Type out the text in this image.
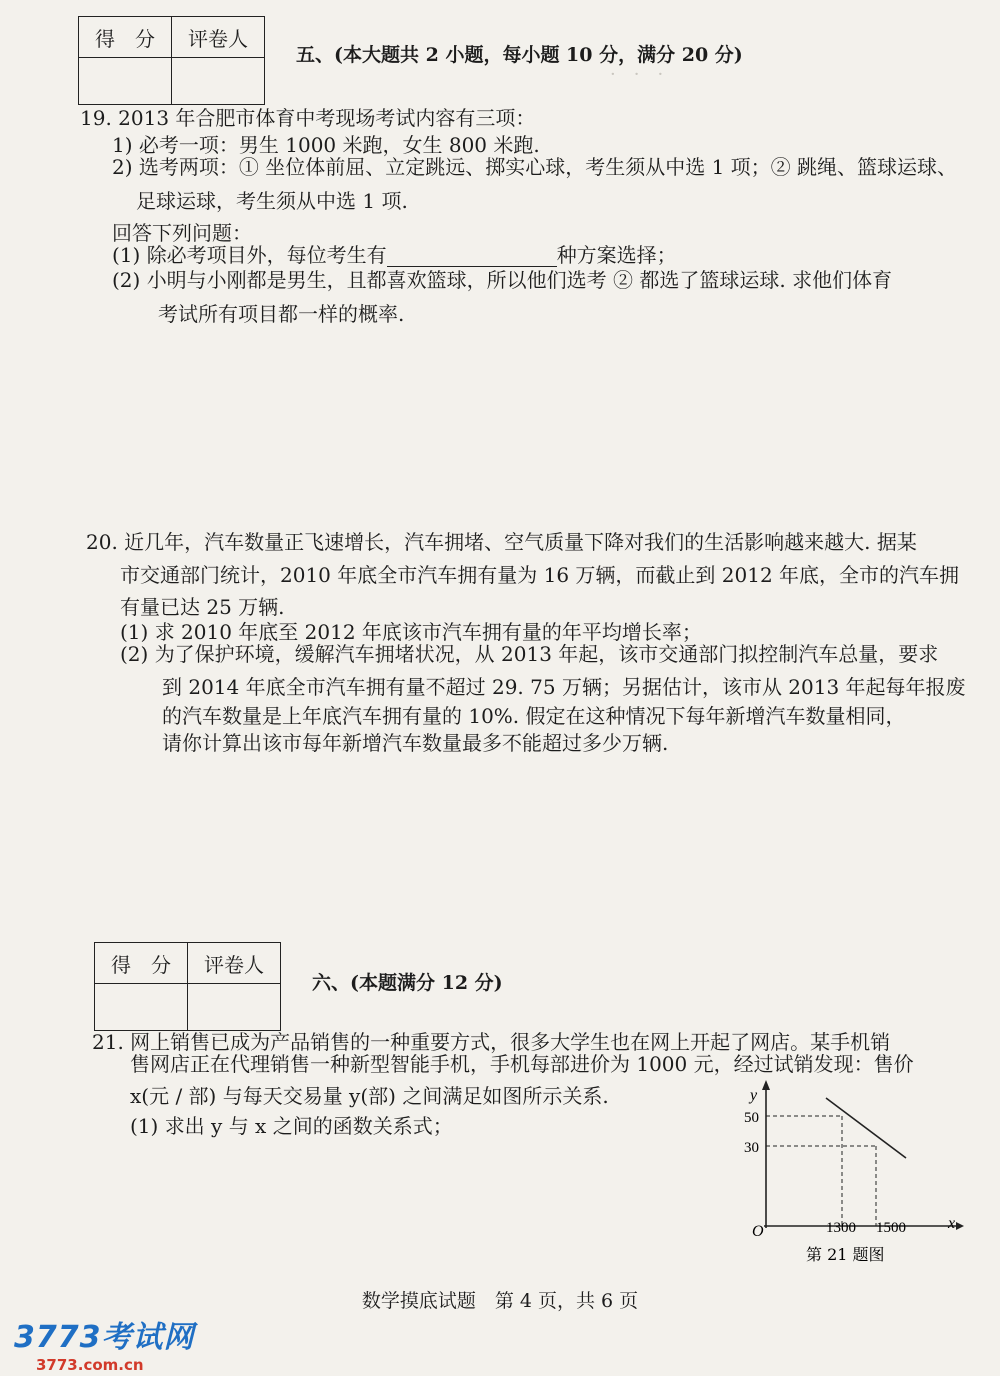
·　·　·
得　分	评卷人

五、(本大题共 2 小题，每小题 10 分，满分 20 分)
19. 2013 年合肥市体育中考现场考试内容有三项：
1) 必考一项：男生 1000 米跑，女生 800 米跑.
2) 选考两项：① 坐位体前屈、立定跳远、掷实心球，考生须从中选 1 项；② 跳绳、篮球运球、
足球运球，考生须从中选 1 项.
回答下列问题：
(1) 除必考项目外，每位考生有	种方案选择；
(2) 小明与小刚都是男生，且都喜欢篮球，所以他们选考 ② 都选了篮球运球. 求他们体育
考试所有项目都一样的概率.
20. 近几年，汽车数量正飞速增长，汽车拥堵、空气质量下降对我们的生活影响越来越大. 据某
市交通部门统计，2010 年底全市汽车拥有量为 16 万辆，而截止到 2012 年底，全市的汽车拥
有量已达 25 万辆.
(1) 求 2010 年底至 2012 年底该市汽车拥有量的年平均增长率；
(2) 为了保护环境，缓解汽车拥堵状况，从 2013 年起，该市交通部门拟控制汽车总量，要求
到 2014 年底全市汽车拥有量不超过 29. 75 万辆；另据估计，该市从 2013 年起每年报废
的汽车数量是上年底汽车拥有量的 10%. 假定在这种情况下每年新增汽车数量相同，
请你计算出该市每年新增汽车数量最多不能超过多少万辆.
得　分	评卷人

六、(本题满分 12 分)
21. 网上销售已成为产品销售的一种重要方式，很多大学生也在网上开起了网店。某手机销
售网店正在代理销售一种新型智能手机，手机每部进价为 1000 元，经过试销发现：售价
x(元 / 部) 与每天交易量 y(部) 之间满足如图所示关系.
(1) 求出 y 与 x 之间的函数关系式；
y
x
O
50
30
1300 1500
第 21 题图
数学摸底试题　第 4 页，共 6 页
3773考试网
3773.com.cn
